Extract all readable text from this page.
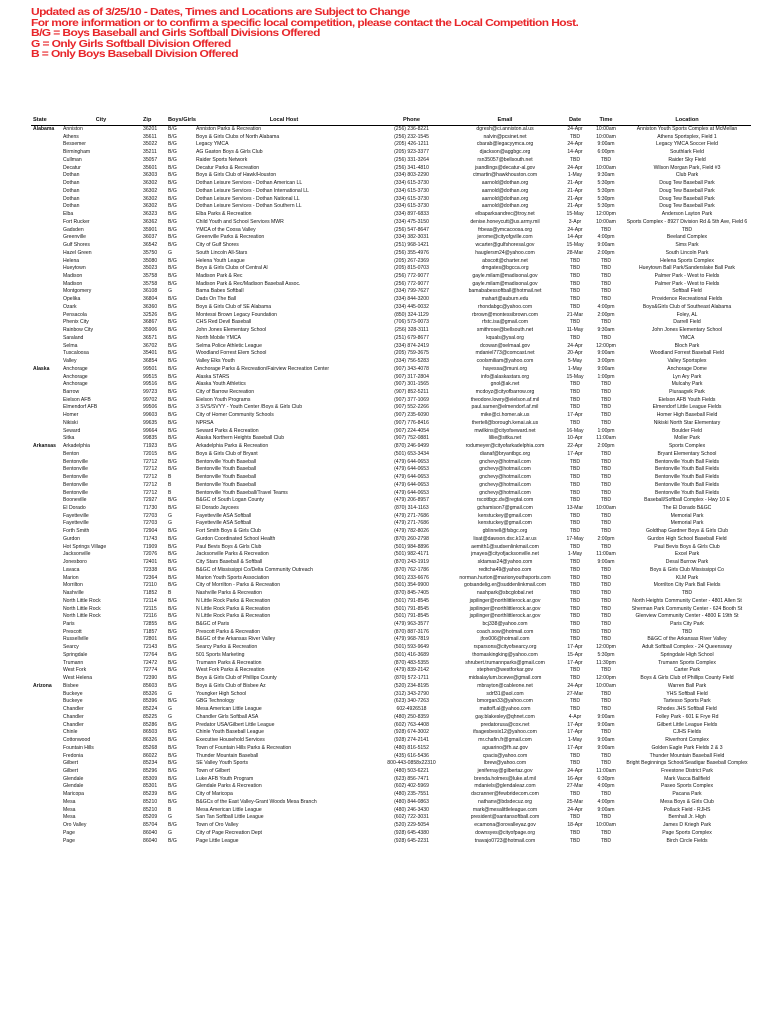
Updated as of 3/25/10 - Dates, Times and Locations are Subject to Change
For more information or to confirm a specific local competition, please contact the Local Competition Host.
B/G = Boys Baseball and Girls Softball Divisions Offered
G = Only Girls Softball Division Offered
B = Only Boys Baseball Division Offered
State	City	Zip	Boys/Girls	Local Host	Phone	Email	Date	Time	Location
Alabama	Anniston	36201	B/G	Anniston Parks & Recreation	(256) 236-8221	dgresh@ci.anniston.al.us	24-Apr	10:00am	Anniston Youth Sports Complex at McMellan
	Athens	35611	B/G	Boys & Girls Clubs of North Alabama	(256) 232-1545	nalvin@pcsinet.net	TBD	10:00am	Athens Sportsplex, Field 1
	Bessemer	35022	B/G	Legacy YMCA	(205) 426-1211	cbarab@legacyymca.org	24-Apr	9:00am	Legacy YMCA Soccer Field
	Birmingham	35211	B/G	AG Gaston Boys & Girls Club	(205) 923-3377	djackson@aggbgc.org	14-Apr	6:00pm	Southlark Field
	Cullman	35057	B/G	Raider Sports Network	(256) 331-3264	rsn35057@bellsouth.net	TBD	TBD	Raider Sky Field
	Decatur	35601	B/G	Decatur Parks & Recreation	(256) 341-4810	jsandlings@decatur-al.gov	24-Apr	10:00am	Wilson Morgan Park, Field #3
	Dothan	36303	B/G	Boys & Girls Club of Hawk/Houston	(334) 803-2290	ctmartin@hawkhouston.com	1-May	9:30am	Club Park
	Dothan	36302	B/G	Dothan Leisure Services - Dothan American LL	(334) 615-3730	aarnold@dothan.org	21-Apr	5:30pm	Doug Tew Baseball Park
	Dothan	36302	B/G	Dothan Leisure Services - Dothan International LL	(334) 615-3730	aarnold@dothan.org	21-Apr	5:30pm	Doug Tew Baseball Park
	Dothan	36302	B/G	Dothan Leisure Services - Dothan National LL	(334) 615-3730	aarnold@dothan.org	21-Apr	5:30pm	Doug Tew Baseball Park
	Dothan	36302	B/G	Dothan Leisure Services - Dothan Southern LL	(334) 615-3730	aarnold@dothan.org	21-Apr	5:30pm	Doug Tew Baseball Park
	Elba	36323	B/G	Elba Parks & Recreation	(334) 897-6833	elbaparksandrec@troy.net	15-May	12:00pm	Anderson Layton Park
	Fort Rucker	36362	B/G	Child Youth and School Services MWR	(334) 475-3150	denise.honeycutt@us.army.mil	3-Apr	10:00am	Sports Complex - 8927 Division Rd & 5th Ave, Field 6
	Gadsden	35901	B/G	YMCA of the Coosa Valley	(256) 547-8647	frbeas@ymcacoosa.org	24-Apr	TBD	TBD
	Greenville	36037	B/G	Greenville Parks & Recreation	(334) 382-3031	jerome@cityofgville.com	14-Apr	4:00pm	Beeland Complex
	Gulf Shores	36542	B/G	City of Gulf Shores	(251) 968-1421	wcarter@gulfshoresal.gov	15-May	9:00am	Sims Park
	Hazel Green	35750	G	South Lincoln All-Stars	(256) 355-4976	hauglersm24@yahoo.com	28-Mar	2:00pm	South Lincoln Park
	Helena	35080	B/G	Helena Youth League	(205) 267-2369	abscott@charter.net	TBD	TBD	Helena Sports Complex
	Hueytown	35023	B/G	Boys & Girls Clubs of Central Al	(205) 815-0703	dmgates@bgcca.org	TBD	TBD	Hueytown Ball Park/Sanderslake Ball Park
	Madison	35758	B/G	Madison Park & Rec	(256) 772-9077	gayle.milam@madisonal.gov	TBD	TBD	Palmer Park - West to Fields
	Madison	35758	B/G	Madison Park & Rec/Madison Baseball Assoc.	(256) 772-9077	gayle.milam@madisonal.gov	TBD	TBD	Palmer Park - West to Fields
	Montgomery	36108	G	Bama Babes Softball	(334) 799-7627	bamababessoftball@hotmail.net	TBD	TBD	Softball Field
	Opelika	36804	B/G	Dads On The Ball	(334) 844-3200	mahart@auburn.edu	TBD	TBD	Providence Recreational Fields
	Ozark	36360	B/G	Boys & Girls Club of SE Alabama	(334) 445-0032	rhondabgc@yahoo.com	TBD	4:00pm	Boys&Girls Club of Southeast Alabama
	Pensacola	32526	B/G	Montessi Brown Legacy Foundation	(850) 324-1129	rbrown@montessibrown.com	21-Mar	2:00pm	Foley, AL
	Phenix City	36867	B/G	CHS Red Devil Baseball	(706) 573-0073	rfstc.isa@gmail.com	TBD	TBD	Darrell Field
	Rainbow City	35906	B/G	John Jones Elementary School	(256) 328-3111	smithrose@bellsouth.net	11-May	9:30am	John Jones Elementary School
	Saraland	36571	B/G	North Mobile YMCA	(251) 679-8677	kquals@ysal.org	TBD	TBD	YMCA
	Selma	36702	B/G	Selma Police Athletic League	(334) 874-2419	dcowan@selmaal.gov	24-Apr	12:00pm	Bloch Park
	Tuscaloosa	35401	B/G	Woodland Forrest Elem School	(205) 759-3675	mdaniel773@comcast.net	20-Apr	9:00am	Woodland Forrest Baseball Field
	Valley	36854	B/G	Valley Elks Youth	(334) 756-5283	coolsmiliam@yahoo.com	5-May	3:00pm	Valley Sportsplex
Alaska	Anchorage	99501	B/G	Anchorage Parks & Recreation/Fairview Recreation Center	(907) 343-4078	hayessa@muni.org	1-May	9:00am	Anchorage Dome
	Anchorage	99515	B/G	Alaska STARS	(907) 317-2804	info@alaskastars.org	15-May	1:00pm	Lyn Ary Park
	Anchorage	99516	B/G	Alaska Youth Athletics	(907) 301-1565	gnol@ak.net	TBD	TBD	Mulcahy Park
	Barrow	99723	B/G	City of Barrow Recreation	(907) 852-5211	mcdoyz@cityofbarrow.org	TBD	TBD	Piuraagvik Park
	Eielson AFB	99702	B/G	Eielson Youth Programs	(907) 377-1069	theodore.lowry@eielson.af.mil	TBD	TBD	Eielson AFB Youth Fields
	Elmendorf AFB	99506	B/G	3 SVS/SVYY - Youth Center /Boys & Girls Club	(907) 552-2266	paul.sarner@elmendorf.af.mil	TBD	TBD	Elmendorf Little League Fields
	Homer	99603	B/G	City of Homer Community Schools	(907) 235-6090	mike@ci.homer.ak.us	17-Apr	TBD	Homer High Baseball Field
	Nikiski	99635	B/G	NPRSA	(907) 776-8416	thertell@borough.kenai.ak.us	TBD	TBD	Nikiski North Star Elementary
	Seward	99664	B/G	Seward Parks & Recreation	(907) 224-4054	mwilkins@cityofseward.net	16-May	1:00pm	Boulder Field
	Sitka	99835	B/G	Alaska Northern Heights Baseball Club	(907) 752-0881	lillie@sitka.net	10-Apr	11:00am	Moller Park
Arkansas	Arkadelphia	71923	B/G	Arkadelphia Parks & Recreation	(870) 246-9499	rodumeyer@cityofarkadelphia.com	22-Apr	2:00pm	Sports Complex
	Benton	72015	B/G	Boys & Girls Club of Bryant	(501) 653-3434	dianaf@bryantbgc.org	17-Apr	TBD	Bryant Elementary School
	Bentonville	72712	B/G	Bentonville Youth Baseball	(479) 644-0653	gnchevy@hotmail.com	TBD	TBD	Bentonville Youth Ball Fields
	Bentonville	72712	B/G	Bentonville Youth Baseball	(479) 644-0653	gnchevy@hotmail.com	TBD	TBD	Bentonville Youth Ball Fields
	Bentonville	72712	B	Bentonville Youth Baseball	(479) 644-0653	gnchevy@hotmail.com	TBD	TBD	Bentonville Youth Ball Fields
	Bentonville	72712	B	Bentonville Youth Baseball	(479) 644-0653	gnchevy@hotmail.com	TBD	TBD	Bentonville Youth Ball Fields
	Bentonville	72712	B	Bentonville Youth Baseball/Travel Teams	(479) 644-0653	gnchevy@hotmail.com	TBD	TBD	Bentonville Youth Ball Fields
	Booneville	72927	B/G	B&GC of South Logan County	(479) 206-8957	rscottbgc.dv@regtal.com	TBD	TBD	Baseball/Softball Complex - Hwy 10 E
	El Dorado	71730	B/G	El Dorado Jaycees	(870) 314-1163	gchamison7@gmail.com	13-Mar	10:00am	The El Dorado B&GC
	Fayetteville	72703	G	Fayetteville ASA Softball	(479) 271-7686	kenstuckey@gmail.com	TBD	TBD	Memorial Park
	Fayetteville	72703	G	Fayetteville ASA Softball	(479) 271-7686	kenstuckey@gmail.com	TBD	TBD	Memorial Park
	Forth Smith	72904	B/G	Fort Smith Boys & Girls Club	(479) 782-8026	gblinnell@fsbgc.org	TBD	TBD	Goldthap Gardner Boys & Girls Club
	Gurdon	71743	B/G	Gurdon Coordinated School Health	(870) 260-2798	lisat@dawson.dsc.k12.ar.us	17-May	2:00pm	Gurdon High School Baseball Field
	Hot Springs Village	71909	B/G	Paul Bevis Boys & Girls Club	(501) 984-8896	aemith1@sudsenlinkmail.com	TBD	TBD	Paul Bevis Boys & Girls Club
	Jacksonville	72076	B/G	Jacksonville Parks & Recreation	(501) 982-4171	jmayes@cityofjacksonville.net	1-May	11:00am	Excel Park
	Jonesboro	72401	B/G	City Stars Baseball & Softball	(870) 243-1919	sktamas24@yahoo.com	TBD	9:00am	Desal Burrow Park
	Lavaca	72338	B/G	B&GC of Mississippi Co/Delta Community Outreach	(870) 762-1786	redtcha49@yahoo.com	TBD	TBD	Boys & Girls Club Mississippi Co
	Marion	72364	B/G	Marion Youth Sports Association	(901) 233-6676	norman.hurton@marionyouthsports.com	TBD	TBD	KLM Park
	Morrilton	72110	B/G	City of Morrilton - Parks & Recreation	(501) 354-9900	gotsandelig.er@suddenlinkmail.com	TBD	TBD	Morrilton City Park Ball Fields
	Nashville	71852	B	Nashville Parks & Recreation	(870) 845-7405	nashpark@sbcglobal.net	TBD	TBD	TBD
	North Little Rock	72114	B/G	N Little Rock Parks & Recreation	(501) 791-8545	jspilinger@northlittlerock.ar.gov	TBD	TBD	North Heights Community Center - 4801 Allen St
	North Little Rock	72115	B/G	N Little Rock Parks & Recreation	(501) 791-8545	jspilinger@northlittlerock.ar.gov	TBD	TBD	Sherman Park Community Center - 624 Booth St
	North Little Rock	72116	B/G	N Little Rock Parks & Recreation	(501) 791-8545	jspilinger@northlittlerock.ar.gov	TBD	TBD	Glenview Community Center - 4800 E 19th St
	Paris	72855	B/G	B&GC of Paris	(479) 963-3577	bcj338@yahoo.com	TBD	TBD	Paris City Park
	Prescott	71857	B/G	Prescott Parks & Recreation	(870) 887-3176	coach.sow@hotmail.com	TBD	TBD	TBD
	Russellville	72801	B/G	B&GC of the Arkansas River Valley	(479) 968-7819	jfox006@hotmail.com	TBD	TBD	B&GC of the Arkansas River Valley
	Searcy	72143	B/G	Searcy Parks & Recreation	(501) 593-9649	rsparsons@cityofsearcy.org	17-Apr	12:00pm	Adult Softball Complex - 24 Queensway
	Springdale	72764	B/G	501 Sports Marketing	(501) 416-3689	thomaskingking@yahoo.com	15-Apr	5:30pm	Springdale High School
	Trumann	72472	B/G	Trumann Parks & Recreation	(870) 483-5355	shrubert.trumannparks@gmail.com	17-Apr	11:30pm	Trumann Sports Complex
	West Fork	72774	B/G	West Fork Parks & Recreation	(479) 839-2142	stephen@westforkar.gov	TBD	TBD	Carter Park
	West Helena	72390	B/G	Boys & Girls Club of Phillips County	(870) 572-1711	midsalaylum.bcewe@gmail.com	TBD	12:00pm	Boys & Girls Club of Phillips County Field
Arizona	Bisbee	85603	B/G	Boys & Girls Club of Bisbee Az	(520) 234-8195	mbrayton@cableone.net	24-Apr	10:00am	Warren Ball Park
	Buckeye	85326	G	Youngker High School	(312) 343-2790	sdrf31@aol.com	27-Mar	TBD	YHS Softball Field
	Buckeye	85396	B/G	GBG Technology	(623) 340-7263	bmorgan33@yahoo.com	TBD	TBD	Tartesso Sports Park
	Chandler	85224	G	Mesa American Little League	602-4926518	mattoff.al@yahoo.com	TBD	TBD	Rhodes JHS Softball Field
	Chandler	85225	G	Chandler Girls Softball ASA	(480) 250-8359	gay.blakesley@qhnet.com	4-Apr	9:00am	Folley Park - 601 E Frye Rd
	Chandler	85286	B/G	Predator USA/Gilbert Little League	(602) 763-4408	predatorusa@cox.net	17-Apr	9:00am	Gilbert Little League Fields
	Chinle	86503	B/G	Chinle Youth Baseball League	(928) 674-3002	ifsagesbesix12@yahoo.com	17-Apr	TBD	CJHS Fields
	Cottonwood	86326	B/G	Executive Household Services	(928) 274-2141	mr.chafin.fr@gmail.com	1-May	9:00am	Riverfront Complex
	Fountain Hills	85268	B/G	Town of Fountain Hills Parks & Recreation	(480) 816-5152	aguarino@fh.az.gov	17-Apr	9:00am	Golden Eagle Park Fields 2 & 3
	Fredonia	86022	B/G	Thunder Mountain Baseball	(435) 616-5436	cpacis@yahoo.com	TBD	TBD	Thunder Mountain Baseball Field
	Gilbert	85234	B/G	SE Valley Youth Sports	800-443-0858x22310	lbrew@yahoo.com	TBD	TBD	Bright Beginnings School/Seadigar Baseball Complex
	Gilbert	85296	B/G	Town of Gilbert	(480) 503-6221	jeniferray@gilbertaz.gov	24-Apr	11:00am	Freestone District Park
	Glendale	85309	B/G	Luke AFB Youth Program	(623) 856-7471	brenda.holmes@luke.af.mil	16-Apr	6:30pm	Mark Vacca Ballfield
	Glendale	85301	B/G	Glendale Parks & Recreation	(602) 402-5969	mdaniels@glendaleaz.com	27-Mar	4:00pm	Paseo Sports Complex
	Maricopa	85239	B/G	City of Maricopa	(480) 235-7551	dscranner@fewbridecom.com	TBD	TBD	Pacana Park
	Mesa	85210	B/G	B&GCs of the East Valley-Grant Woods Mesa Branch	(480) 844-0863	nathanv@bdsdecuz.org	25-Mar	4:00pm	Mesa Boys & Girls Club
	Mesa	85210	B	Mesa American Little League	(480) 246-3430	mark@mesalittleleague.com	24-Apr	9:00am	Pollack Field - RJHS
	Mesa	85209	G	San Tan Softball Little League	(602) 722-3031	president@santansoftball.com	TBD	TBD	Bernhall Jr. High
	Oro Valley	85704	B/G	Town of Oro Valley	(520) 229-5054	ecamona@orovalleyaz.gov	18-Apr	10:00am	James D Kriegh Park
	Page	86040	G	City of Page Recreation Dept	(928) 645-4380	downsyes@cityofpage.org	TBD	TBD	Page Sports Complex
	Page	86040	B/G	Page Little League	(928) 645-2231	tnavajo0723@hotmail.com	TBD	TBD	Birch Circle Fields
